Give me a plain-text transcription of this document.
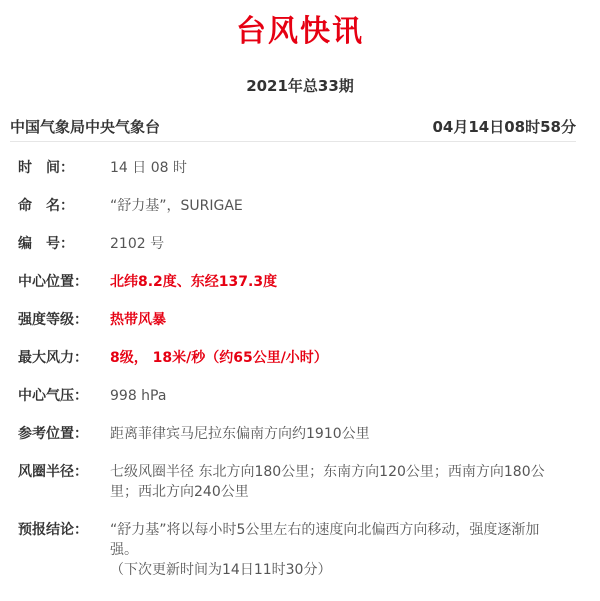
台风快讯
2021年总33期
中国气象局中央气象台	04月14日08时58分
时　间：	14 日 08 时
命　名：	“舒力基”，SURIGAE
编　号：	2102 号
中心位置：	北纬8.2度、东经137.3度
强度等级：	热带风暴
最大风力：	8级， 18米/秒（约65公里/小时）
中心气压：	998 hPa
参考位置：	距离菲律宾马尼拉东偏南方向约1910公里
风圈半径：	七级风圈半径 东北方向180公里；东南方向120公里；西南方向180公里；西北方向240公里
预报结论：	“舒力基”将以每小时5公里左右的速度向北偏西方向移动，强度逐渐加强。
（下次更新时间为14日11时30分）
